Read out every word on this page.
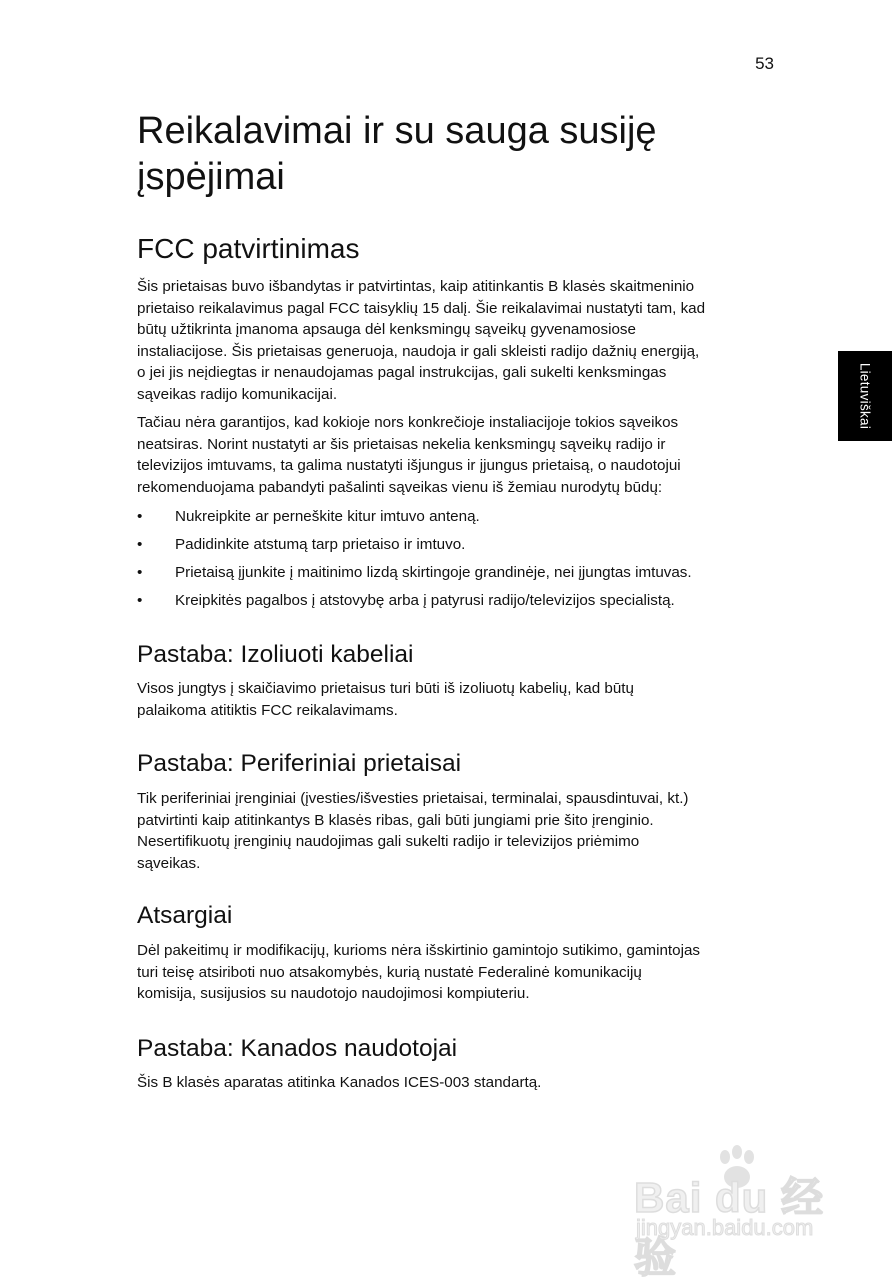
53
Lietuviškai
Reikalavimai ir su sauga susiję
įspėjimai
FCC patvirtinimas

Šis prietaisas buvo išbandytas ir patvirtintas, kaip atitinkantis B klasės skaitmeninio
prietaiso reikalavimus pagal FCC taisyklių 15 dalį. Šie reikalavimai nustatyti tam, kad
būtų užtikrinta įmanoma apsauga dėl kenksmingų sąveikų gyvenamosiose
instaliacijose. Šis prietaisas generuoja, naudoja ir gali skleisti radijo dažnių energiją,
o jei jis neįdiegtas ir nenaudojamas pagal instrukcijas, gali sukelti kenksmingas
sąveikas radijo komunikacijai.

Tačiau nėra garantijos, kad kokioje nors konkrečioje instaliacijoje tokios sąveikos
neatsiras. Norint nustatyti ar šis prietaisas nekelia kenksmingų sąveikų radijo ir
televizijos imtuvams, ta galima nustatyti išjungus ir įjungus prietaisą, o naudotojui
rekomenduojama pabandyti pašalinti sąveikas vienu iš žemiau nurodytų būdų:

• Nukreipkite ar perneškite kitur imtuvo anteną.
• Padidinkite atstumą tarp prietaiso ir imtuvo.
• Prietaisą įjunkite į maitinimo lizdą skirtingoje grandinėje, nei įjungtas imtuvas.
• Kreipkitės pagalbos į atstovybę arba į patyrusi radijo/televizijos specialistą.
Pastaba: Izoliuoti kabeliai

Visos jungtys į skaičiavimo prietaisus turi būti iš izoliuotų kabelių, kad būtų
palaikoma atitiktis FCC reikalavimams.

Pastaba: Periferiniai prietaisai

Tik periferiniai įrenginiai (įvesties/išvesties prietaisai, terminalai, spausdintuvai, kt.)
patvirtinti kaip atitinkantys B klasės ribas, gali būti jungiami prie šito įrenginio.
Nesertifikuotų įrenginių naudojimas gali sukelti radijo ir televizijos priėmimo
sąveikas.

Atsargiai

Dėl pakeitimų ir modifikacijų, kurioms nėra išskirtinio gamintojo sutikimo, gamintojas
turi teisę atsiriboti nuo atsakomybės, kurią nustatė Federalinė komunikacijų
komisija, susijusios su naudotojo naudojimosi kompiuteriu.

Pastaba: Kanados naudotojai

Šis B klasės aparatas atitinka Kanados ICES-003 standartą.

Bai du 经验
jingyan.baidu.com
